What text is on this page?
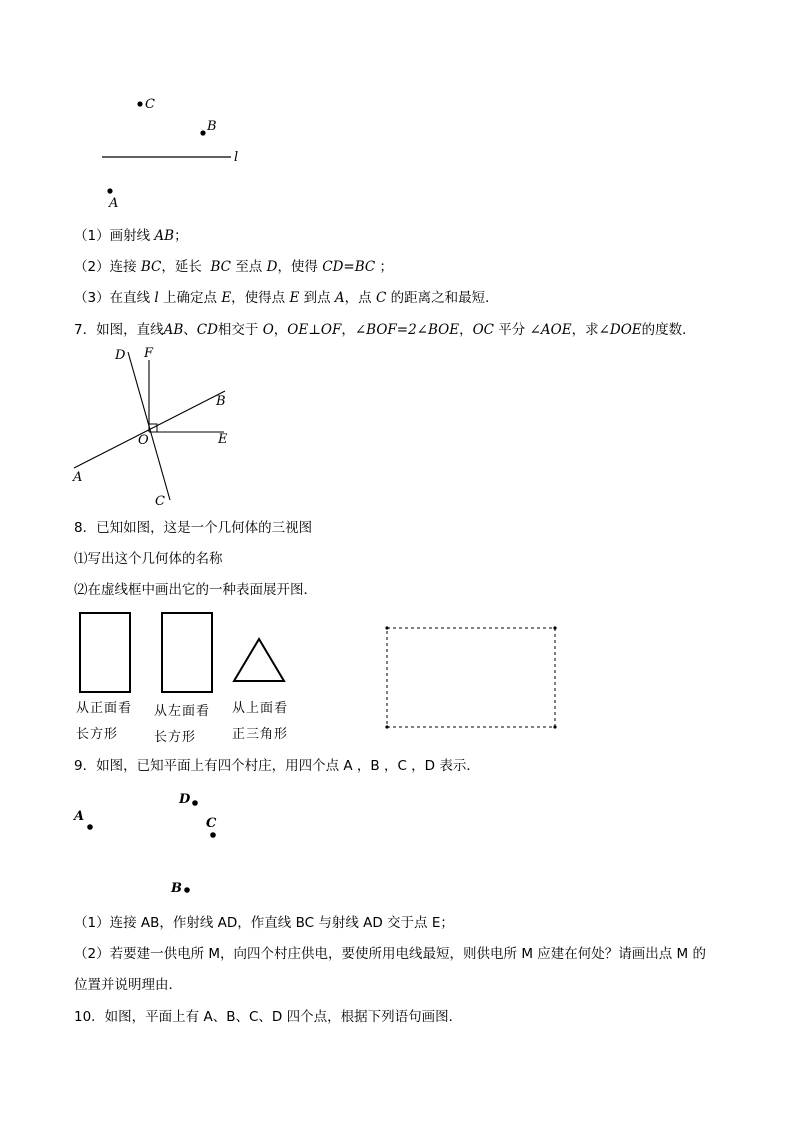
C
B
l
A
（1）画射线 AB；
（2）连接 BC，延长  BC 至点 D，使得 CD=BC ；
（3）在直线 l 上确定点 E，使得点 E 到点 A，点 C 的距离之和最短．
7．如图，直线AB、CD相交于 O，OE⊥OF，∠BOF=2∠BOE，OC 平分 ∠AOE，求∠DOE的度数．
D F
B
O	E
A
C
8．已知如图，这是一个几何体的三视图
⑴写出这个几何体的名称
⑵在虚线框中画出它的一种表面展开图．
从正面看
长方形
从左面看
长方形
从上面看
正三角形
9．如图，已知平面上有四个村庄，用四个点 A ，B ，C ，D 表示．
A
D
C
B
（1）连接 AB，作射线 AD，作直线 BC 与射线 AD 交于点 E；
（2）若要建一供电所 M，向四个村庄供电，要使所用电线最短，则供电所 M 应建在何处？请画出点 M 的
位置并说明理由．
10．如图，平面上有 A、B、C、D 四个点，根据下列语句画图．
